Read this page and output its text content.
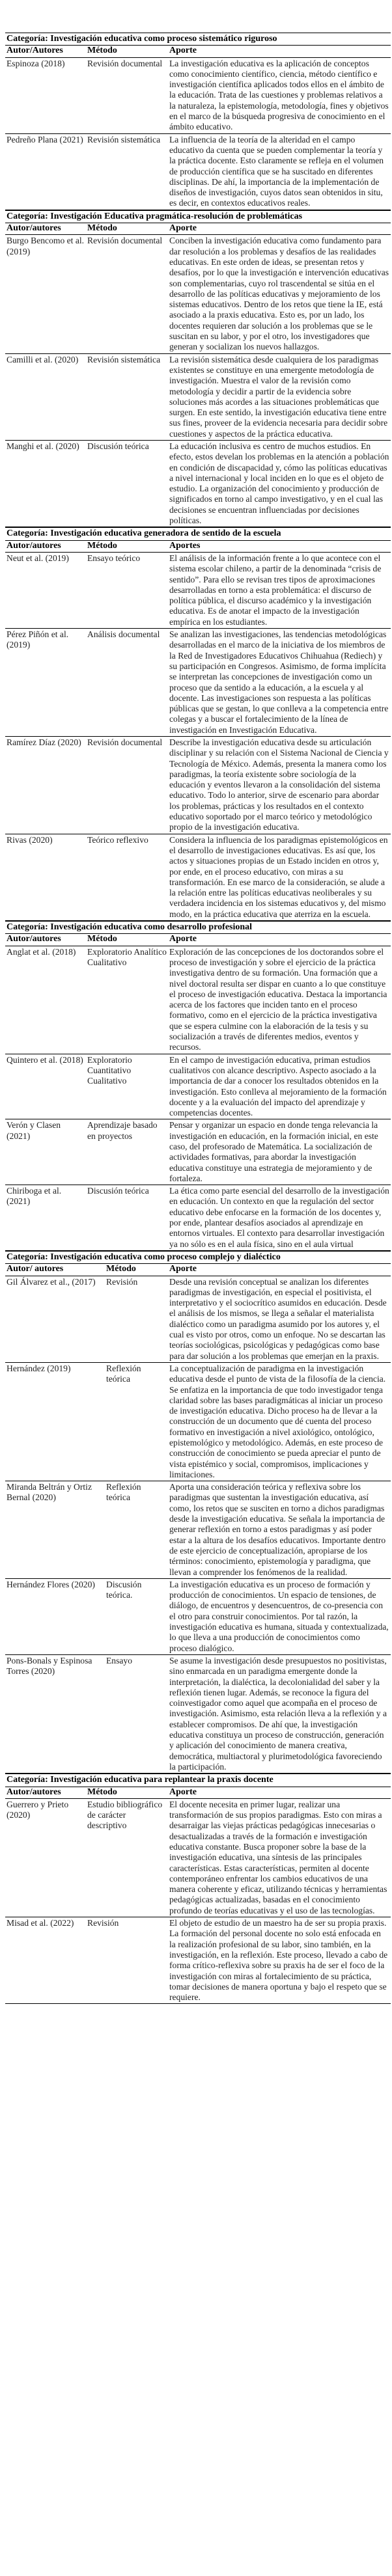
Categoría: Investigación educativa como proceso sistemático riguroso		
Autor/Autores	Método	Aporte
Espinoza (2018)	Revisión documental	La investigación educativa es la aplicación de conceptos como conocimiento científico, ciencia, método científico e investigación científica aplicados todos ellos en el ámbito de la educación. Trata de las cuestiones y problemas relativos a la naturaleza, la epistemología, metodología, fines y objetivos en el marco de la búsqueda progresiva de conocimiento en el ámbito educativo.
Pedreño Plana (2021)	Revisión sistemática	La influencia de la teoría de la alteridad en el campo educativo da cuenta que se pueden complementar la teoría y la práctica docente. Esto claramente se refleja en el volumen de producción científica que se ha suscitado en diferentes disciplinas. De ahí, la importancia de la implementación de diseños de investigación, cuyos datos sean obtenidos in situ, es decir, en contextos educativos reales.
Categoría: Investigación Educativa pragmática-resolución de problemáticas		
Autor/autores	Método	Aporte
Burgo Bencomo et al. (2019)	Revisión documental	Conciben la investigación educativa como fundamento para dar resolución a los problemas y desafíos de las realidades educativas. En este orden de ideas, se presentan retos y desafíos, por lo que la investigación e intervención educativas son complementarias, cuyo rol trascendental se sitúa en el desarrollo de las políticas educativas y mejoramiento de los sistemas educativos. Dentro de los retos que tiene la IE, está asociado a la praxis educativa. Esto es, por un lado, los docentes requieren dar solución a los problemas que se le suscitan en su labor, y por el otro, los investigadores que generan y socializan los nuevos hallazgos.
Camilli et al. (2020)	Revisión sistemática	La revisión sistemática desde cualquiera de los paradigmas existentes se constituye en una emergente metodología de investigación. Muestra el valor de la revisión como metodología y decidir a partir de la evidencia sobre soluciones más acordes a las situaciones problemáticas que surgen. En este sentido, la investigación educativa tiene entre sus fines, proveer de la evidencia necesaria para decidir sobre cuestiones y aspectos de la práctica educativa.
Manghi et al. (2020)	Discusión teórica	La educación inclusiva es centro de muchos estudios. En efecto, estos develan los problemas en la atención a población en condición de discapacidad y, cómo las políticas educativas a nivel internacional y local inciden en lo que es el objeto de estudio. La organización del conocimiento y producción de significados en torno al campo investigativo, y en el cual las decisiones se encuentran influenciadas por decisiones políticas.
Categoría: Investigación educativa generadora de sentido de la escuela		
Autor/autores	Método	Aportes
Neut et al. (2019)	Ensayo teórico	El análisis de la información frente a lo que acontece con el sistema escolar chileno, a partir de la denominada “crisis de sentido”. Para ello se revisan tres tipos de aproximaciones desarrolladas en torno a esta problemática: el discurso de política pública, el discurso académico y la investigación educativa. Es de anotar el impacto de la investigación empírica en los estudiantes.
Pérez Piñón et al. (2019)	Análisis documental	Se analizan las investigaciones, las tendencias metodológicas desarrolladas en el marco de la iniciativa de los miembros de la Red de Investigadores Educativos Chihuahua (Rediech) y su participación en Congresos. Asimismo, de forma implícita se interpretan las concepciones de investigación como un proceso que da sentido a la educación, a la escuela y al docente. Las investigaciones son respuesta a las políticas públicas que se gestan, lo que conlleva a la competencia entre colegas y a buscar el fortalecimiento de la línea de investigación en Investigación Educativa.
Ramírez Díaz (2020)	Revisión documental	Describe la investigación educativa desde su articulación disciplinar y su relación con el Sistema Nacional de Ciencia y Tecnología de México. Además, presenta la manera como los paradigmas, la teoría existente sobre sociología de la educación y eventos llevaron a la consolidación del sistema educativo. Todo lo anterior, sirve de escenario para abordar los problemas, prácticas y los resultados en el contexto educativo soportado por el marco teórico y metodológico propio de la investigación educativa.
Rivas (2020)	Teórico reflexivo	Considera la influencia de los paradigmas epistemológicos en el desarrollo de investigaciones educativas. Es así que, los actos y situaciones propias de un Estado inciden en otros y, por ende, en el proceso educativo, con miras a su transformación. En ese marco de la consideración, se alude a la relación entre las políticas educativas neoliberales y su verdadera incidencia en los sistemas educativos y, del mismo modo, en la práctica educativa que aterriza en la escuela.
Categoría: Investigación educativa como desarrollo profesional		
Autor/autores	Método	Aporte
Anglat et al. (2018)	Exploratorio Analítico Cualitativo	Exploración de las concepciones de los doctorandos sobre el proceso de investigación y sobre el ejercicio de la práctica investigativa dentro de su formación. Una formación que a nivel doctoral resulta ser dispar en cuanto a lo que constituye el proceso de investigación educativa. Destaca la importancia acerca de los factores que inciden tanto en el proceso formativo, como en el ejercicio de la práctica investigativa que se espera culmine con la elaboración de la tesis y su socialización a través de diferentes medios, eventos y recursos.
Quintero et al. (2018)	Exploratorio Cuantitativo Cualitativo	En el campo de investigación educativa, priman estudios cualitativos con alcance descriptivo. Aspecto asociado a la importancia de dar a conocer los resultados obtenidos en la investigación. Esto conlleva al mejoramiento de la formación docente y a la evaluación del impacto del aprendizaje y competencias docentes.
Verón y Clasen (2021)	Aprendizaje basado en proyectos	Pensar y organizar un espacio en donde tenga relevancia la investigación en educación, en la formación inicial, en este caso, del profesorado de Matemática. La socialización de actividades formativas, para abordar la investigación educativa constituye una estrategia de mejoramiento y de fortaleza.
Chiriboga et al. (2021)	Discusión teórica	La ética como parte esencial del desarrollo de la investigación en educación. Un contexto en que la regulación del sector educativo debe enfocarse en la formación de los docentes y, por ende, plantear desafíos asociados al aprendizaje en entornos virtuales. El contexto para desarrollar investigación ya no sólo es en el aula física, sino en el aula virtual
Categoría: Investigación educativa como proceso complejo y dialéctico		
Autor/ autores	Método	Aporte
Gil Álvarez et al., (2017)	Revisión	Desde una revisión conceptual se analizan los diferentes paradigmas de investigación, en especial el positivista, el interpretativo y el sociocrítico asumidos en educación. Desde el análisis de los mismos, se llega a señalar el materialista dialéctico como un paradigma asumido por los autores y, el cual es visto por otros, como un enfoque. No se descartan las teorías sociológicas, psicológicas y pedagógicas como base para dar solución a los problemas que emerjan en la praxis.
Hernández (2019)	Reflexión teórica	La conceptualización de paradigma en la investigación educativa desde el punto de vista de la filosofía de la ciencia. Se enfatiza en la importancia de que todo investigador tenga claridad sobre las bases paradigmáticas al iniciar un proceso de investigación educativa. Dicho proceso ha de llevar a la construcción de un documento que dé cuenta del proceso formativo en investigación a nivel axiológico, ontológico, epistemológico y metodológico. Además, en este proceso de construcción de conocimiento se pueda apreciar el punto de vista epistémico y social, compromisos, implicaciones y limitaciones.
Miranda Beltrán y Ortiz Bernal (2020)	Reflexión teórica	Aporta una consideración teórica y reflexiva sobre los paradigmas que sustentan la investigación educativa, así como, los retos que se susciten en torno a dichos paradigmas desde la investigación educativa. Se señala la importancia de generar reflexión en torno a estos paradigmas y así poder estar a la altura de los desafíos educativos. Importante dentro de este ejercicio de conceptualización, apropiarse de los términos: conocimiento, epistemología y paradigma, que llevan a comprender los fenómenos de la realidad.
Hernández Flores (2020)	Discusión teórica.	La investigación educativa es un proceso de formación y producción de conocimientos. Un espacio de tensiones, de diálogo, de encuentros y desencuentros, de co-presencia con el otro para construir conocimientos. Por tal razón, la investigación educativa es humana, situada y contextualizada, lo que lleva a una producción de conocimientos como proceso dialógico.
Pons-Bonals y Espinosa Torres (2020)	Ensayo	Se asume la investigación desde presupuestos no positivistas, sino enmarcada en un paradigma emergente donde la interpretación, la dialéctica, la decolonialidad del saber y la reflexión tienen lugar. Además, se reconoce la figura del coinvestigador como aquel que acompaña en el proceso de investigación. Asimismo, esta relación lleva a la reflexión y a establecer compromisos. De ahí que, la investigación educativa constituya un proceso de construcción, generación y aplicación del conocimiento de manera creativa, democrática, multiactoral y plurimetodológica favoreciendo la participación.
Categoría: Investigación educativa para replantear la praxis docente		
Autor/autores	Método	Aporte
Guerrero y Prieto (2020)	Estudio bibliográfico de carácter descriptivo	El docente necesita en primer lugar, realizar una transformación de sus propios paradigmas. Esto con miras a desarraigar las viejas prácticas pedagógicas innecesarias o desactualizadas a través de la formación e investigación educativa constante. Busca proponer sobre la base de la investigación educativa, una síntesis de las principales características. Estas características, permiten al docente contemporáneo enfrentar los cambios educativos de una manera coherente y eficaz, utilizando técnicas y herramientas pedagógicas actualizadas, basadas en el conocimiento profundo de teorías educativas y el uso de las tecnologías.
Misad et al. (2022)	Revisión	El objeto de estudio de un maestro ha de ser su propia praxis. La formación del personal docente no solo está enfocada en la realización profesional de su labor, sino también, en la investigación, en la reflexión. Este proceso, llevado a cabo de forma crítico-reflexiva sobre su praxis ha de ser el foco de la investigación con miras al fortalecimiento de su práctica, tomar decisiones de manera oportuna y bajo el respeto que se requiere.
